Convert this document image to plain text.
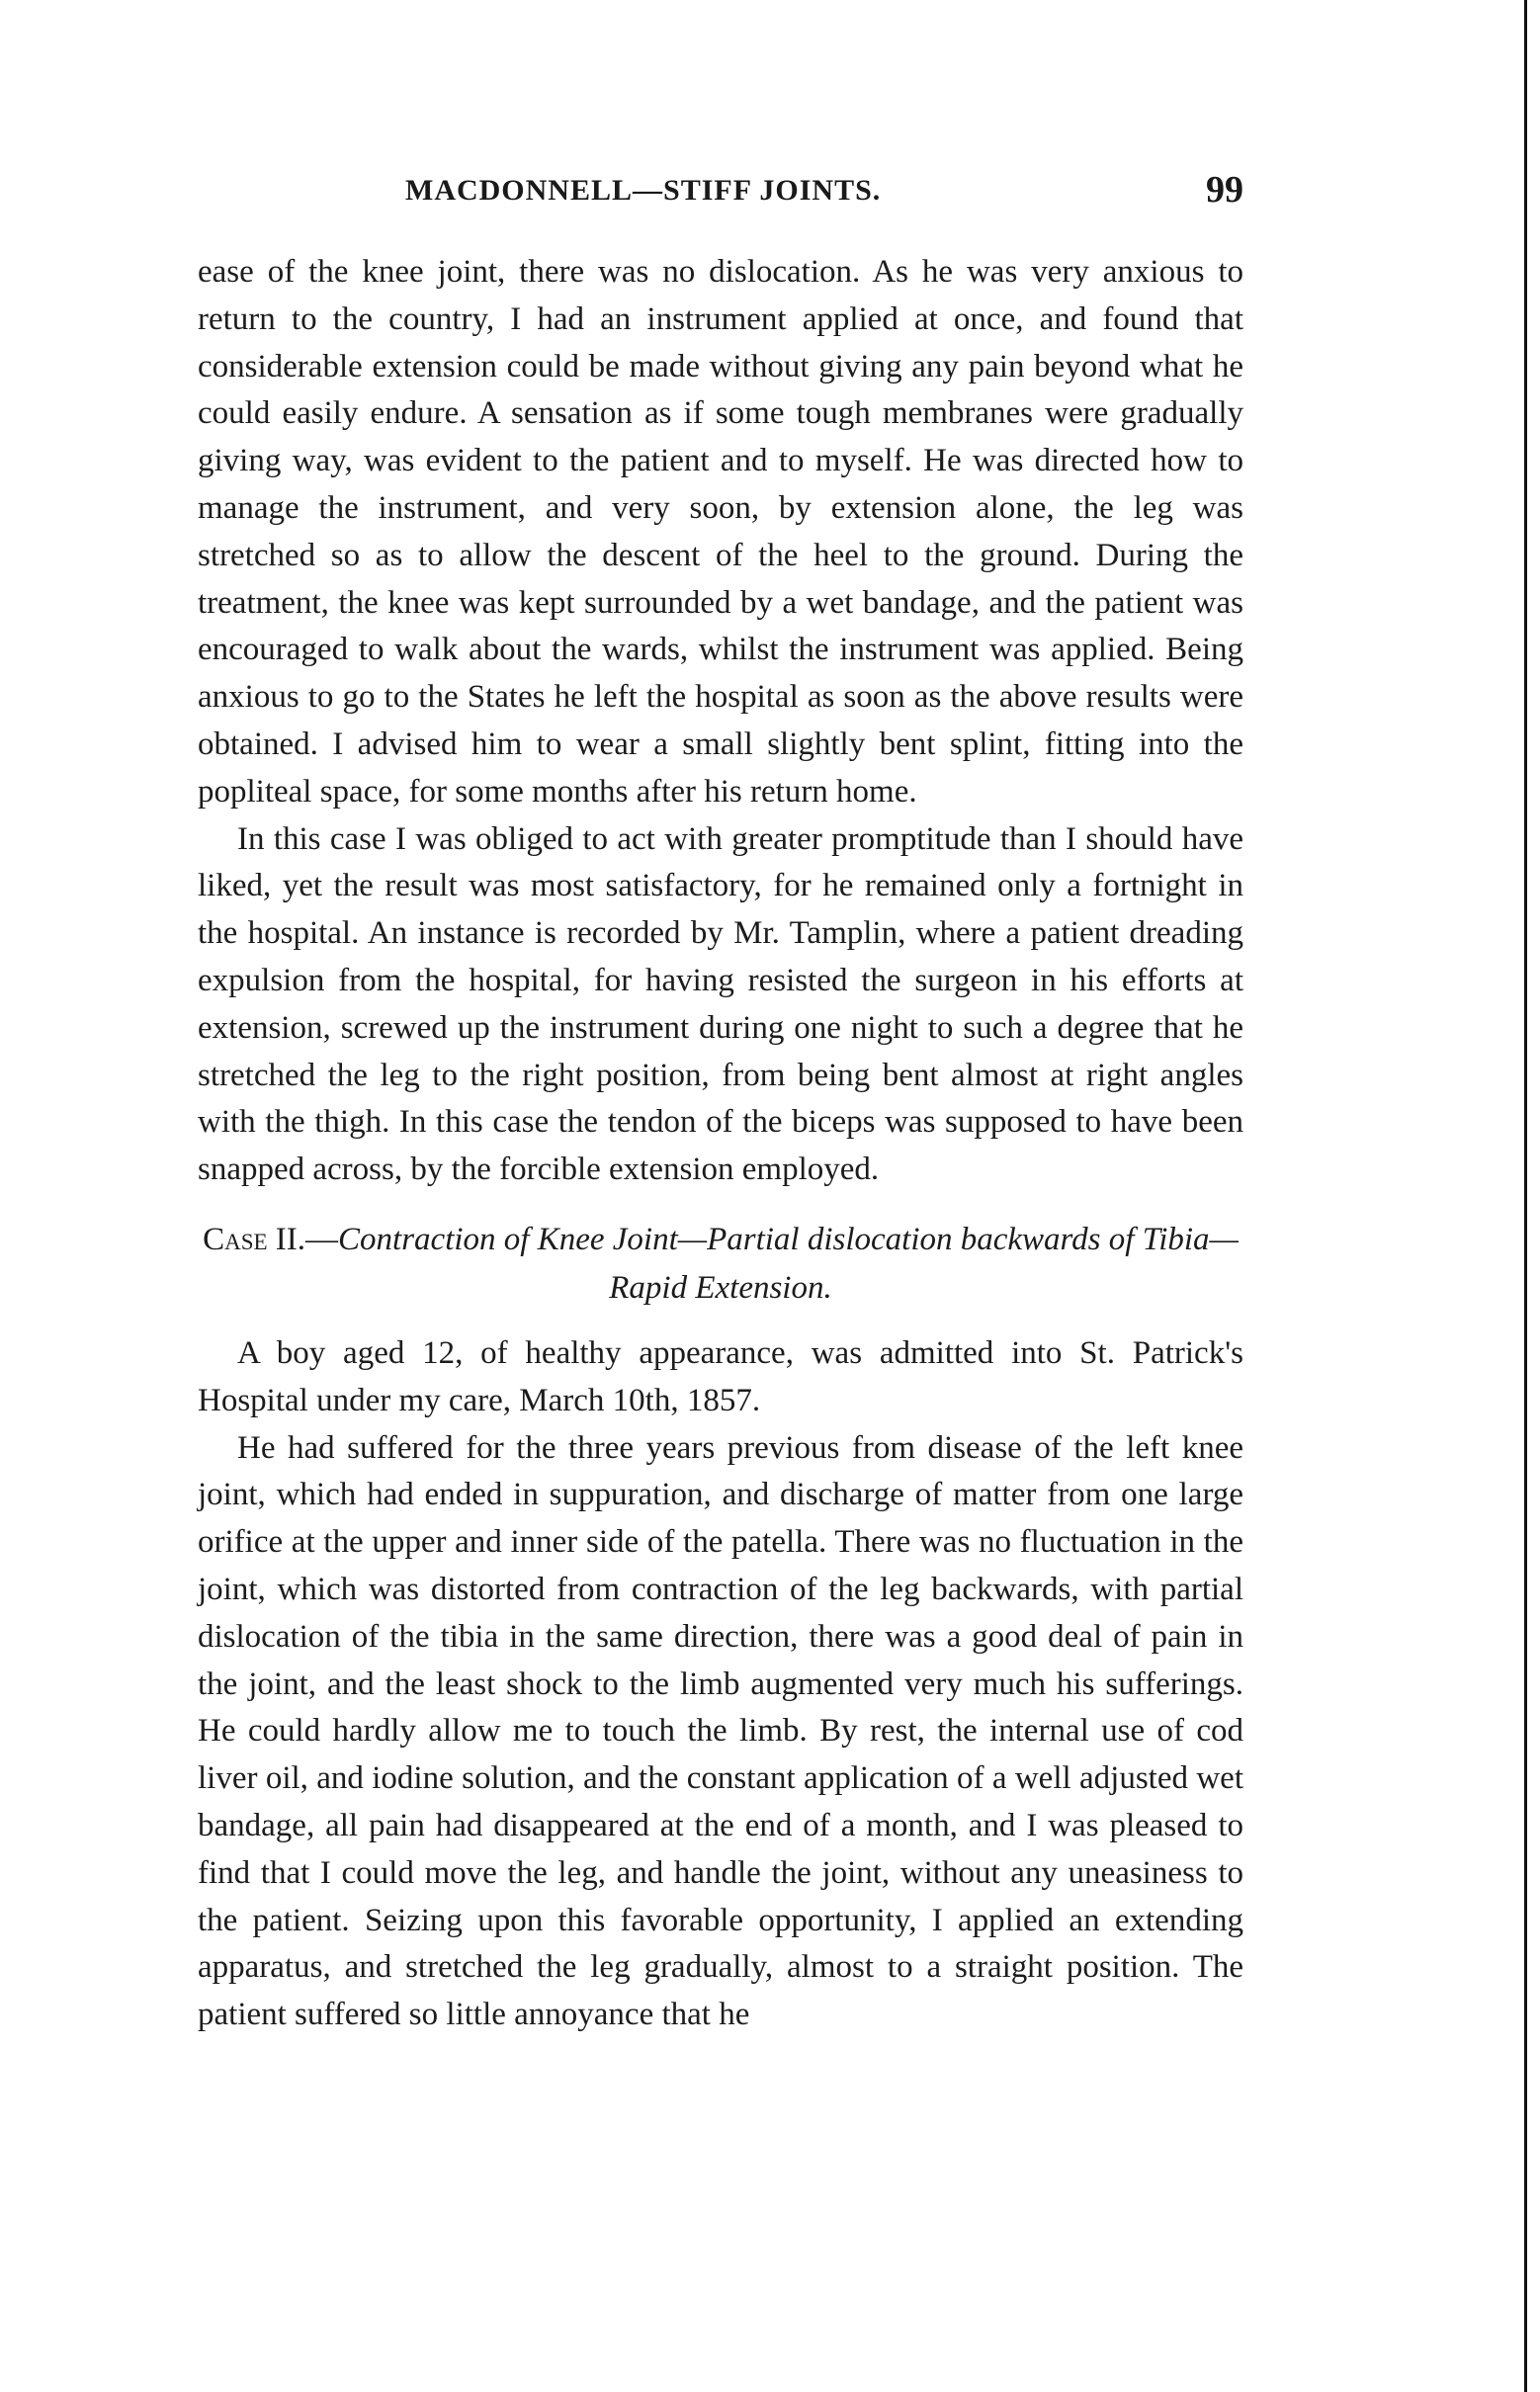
MACDONNELL—STIFF JOINTS.	99

ease of the knee joint, there was no dislocation. As he was very anxious to return to the country, I had an instrument applied at once, and found that considerable extension could be made without giving any pain beyond what he could easily endure. A sensation as if some tough membranes were gradually giving way, was evident to the patient and to myself. He was directed how to manage the instrument, and very soon, by extension alone, the leg was stretched so as to allow the descent of the heel to the ground. During the treatment, the knee was kept surrounded by a wet bandage, and the patient was encouraged to walk about the wards, whilst the instrument was applied. Being anxious to go to the States he left the hospital as soon as the above results were obtained. I advised him to wear a small slightly bent splint, fitting into the popliteal space, for some months after his return home.

In this case I was obliged to act with greater promptitude than I should have liked, yet the result was most satisfactory, for he remained only a fortnight in the hospital. An instance is recorded by Mr. Tamplin, where a patient dreading expulsion from the hospital, for having resisted the surgeon in his efforts at extension, screwed up the instrument during one night to such a degree that he stretched the leg to the right position, from being bent almost at right angles with the thigh. In this case the tendon of the biceps was supposed to have been snapped across, by the forcible extension employed.

Case II.—Contraction of Knee Joint—Partial dislocation backwards of Tibia—Rapid Extension.

A boy aged 12, of healthy appearance, was admitted into St. Patrick's Hospital under my care, March 10th, 1857.

He had suffered for the three years previous from disease of the left knee joint, which had ended in suppuration, and discharge of matter from one large orifice at the upper and inner side of the patella. There was no fluctuation in the joint, which was distorted from contraction of the leg backwards, with partial dislocation of the tibia in the same direction, there was a good deal of pain in the joint, and the least shock to the limb augmented very much his sufferings. He could hardly allow me to touch the limb. By rest, the internal use of cod liver oil, and iodine solution, and the constant application of a well adjusted wet bandage, all pain had disappeared at the end of a month, and I was pleased to find that I could move the leg, and handle the joint, without any uneasiness to the patient. Seizing upon this favorable opportunity, I applied an extending apparatus, and stretched the leg gradually, almost to a straight position. The patient suffered so little annoyance that he
